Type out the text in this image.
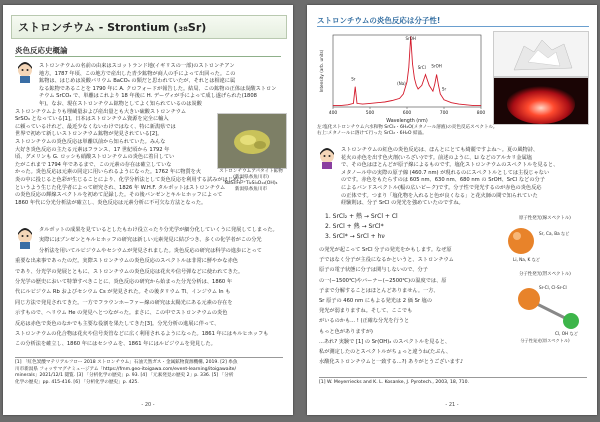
ストロンチウム - Strontium (₃₈Sr)
炎色反応史概論

ストロンチウムの名前の由来はスコットランド地(イギリスの一部)のストロンチアン

地方。1787 年頃、この地方で産出した青少鉱物が商人の手によって出回った。この

鉱物は、はじめは炭酸バリウム BaCO₃ の類だと思われていたが、それとは相違に属

なる鉱物であることを 1790 年に A. クロフォードが報告した。結局、この鉱物の正体は炭酸ストロン

チウム SrCO₃ で、単離はこれより 18 年後に H. デーヴィが手によって成し遂げられた(1808

年)。なお、現在ストロンチウム鉱物としてよく知られているのは炭酸

ストロンチウムよりも埋蔵量および産出量とも大きい硫酸ストロンチウム

SrSO₄ となっている[1]。日本はストロンチウム資源を完全に輸入

に頼っているけれど、最近少なくないわけではなく、特に新潟県では

世界で初めて新しいストロンチウム鉱物が発見されている[2]。

ストロンチウムの炎色反応は単離以前から知られていた。みんな

大好き炎色反応の主たる元素はフランス、17 世紀頃から 1792 年

頃、グメリンも G. ロッシも硝酸ストロンチウムの炎色に着目してい

たがこれまで 1794 年であるまで、この元素の存在は確立していな

かった。炎色反応は元素の同定に用いられるようになった。1762 年に物質を火

炎の中に投じると色彩が生じることにより、化学分析法として炎色反応を利用する試みがはじめて

というよう生じた化学者によって研究され、1826 年 W.H.F. タルボットはストロンチウム

の炎色反応の輝線スペクトルを初めて記録した。その後バンゼンとキルヒホッフによって

1860 年代に分光分析法が確立し、炎色反応は元素分析に不可欠な方法となった。

ストロンチウムアパタイト鉱物
(新潟県糸魚川市)
NaSrᵢFe²⁺Ti₂Si₄O₁₄(OH)₄
新潟県糸魚川市

タルボットの成果を見ているとしたもわけ役立ったり分光学が細分化していくうに発展してしまった。

実際にはブンゼンとキルヒホッフの研究は新しい元素発見に結びつき、多くの化学者がこの分光

分析法を用いてルビジウムやセシウムが発見されました。炎色反応の研究は科学の進歩にとって

重要な出来事であったのだ。実際ストロンチウムの炎色反応のスペクトルは非常に鮮やかな赤色

であり、分光学の発展とともに、ストロンチウムの炎色反応は花火や信号弾などに使われてきた。

分光学の歴史において特筆すべきことに、炎色反応の研究から始まった分光分析は、1860 年

代にルビジウム Rb およびセシウム Cs が発見された。その後タリウム Tl、インジウム In も

同じ方法で発見されてきた。一方でフラウンホーファー線の研究は太陽光にある元素の存在を

示すもので、ヘリウム He の発見へとつながった。まさに、この中でストロンチウムの炎色

反応は赤色で炎色のなかでも主要な役割を果たしてきた[3]。分光分析の進展に伴って、

ストロンチウムの化合物は花火や信号炎管などに広く利用されるようになった。1861 年にはキルヒホッフも

この分析法を確立し、1860 年にはセシウムを、1861 年にはルビジウムを発見した。

[1] 「紅色炭酸マテリアルフロー 2018 ストロンチウム」石油天然ガス・金属鉱物資源機構, 2019. [2] 糸魚

川市新潟県 フォッサマグナミュージアム「https://fmm.geo-itoigawa.com/event-learning/itoigawaite/

minerals」2021/12/1 閲覧. [3] 「分析化学の歴史」p. 93. [4] 「元素発見の歴史 2」p. 336. [5] 「分析

化学の歴史」pp. 415-416. [6] 「分析化学の歴史」p. 425.

- 20 -
ストロンチウムの炎色反応は分子性!
400	500	600	700	800
Wavelength (nm)
Intensity (arb. units)
SrOH
Sr
(Na)
SrCl SrOH
Sr
左:塩化ストロンチウム六水和物 SrCl₂・6H₂O(メタノール溶液)の炎色反応スペクトル。
右上:メタノールに溶けて行った SrCl₂・6H₂O 結晶。

ストロンチウムの紅色の炎色反応は、ほんとにとても綺麗ですよね〜。夏の風物詩、

花火の赤色を出す色火剤(いろざい)です。前述のように、Li などのアルカリ金属塩

で、その色はほとんどが原子線によるものです。塩化ストロンチウムのスペクトルを見ると、

メタノール中の実際の原子線 (460.7 nm) が現れるのにスペクトルとしては主役じゃない

のです。赤色をもたらすのは 605 nm、630 nm、680 nm の SrOH、SrCl などの分子

によるバンドスペクトル(幅の広いピーク)です。分子性で発光するのが赤色の炎色反応

の正体です。つまり「塩化物を入れると色が良くなる」と花火師の間で知られていた

経験則は、分子 SrCl の発光を強めていたのですね。

1. SrCl₂ + 熱 → SrCl + Cl

2. SrCl + 熱 → SrCl*

3. SrCl* → SrCl + hν

の発光が起こって SrCl 分子の発光をかもします。なぜ原

子ではなく分子が主役になるかというと、ストロンチウム

原子の電子状態に分子は関与しないので、分子

の一(−1500℃)やバーナー(−2500℃)の温度では、原

子まで分解することはほとんどありません。一方、

Sr 原子の 460 nm にもよる発光は 2 価 Sr 塩の

発光が弱まりますね。そして、ここでも

がいるのかも... ! (正確な分光を行うと

もっと色がありますが)

...あれ? 実験で [1] の Sr(OH)₂ のスペクトルを見ると、

私が測定したのとスペクトルがちょっと違うね(たぶん、

水酸化ストロンチウムと一致する...?) ありがとうございます♪

原子性発光(線スペクトル)
Sr, Ca, Ba など
Li, Na, K など
分子性発光(帯スペクトル)
Sr-Cl, Cl-Sr-Cl
Cl, OH など
分子性発光(帯スペクトル)

[1] W. Meyerriecks and K. L. Kosanke, J. Pyrotech., 2003, 18, 710.

- 21 -
